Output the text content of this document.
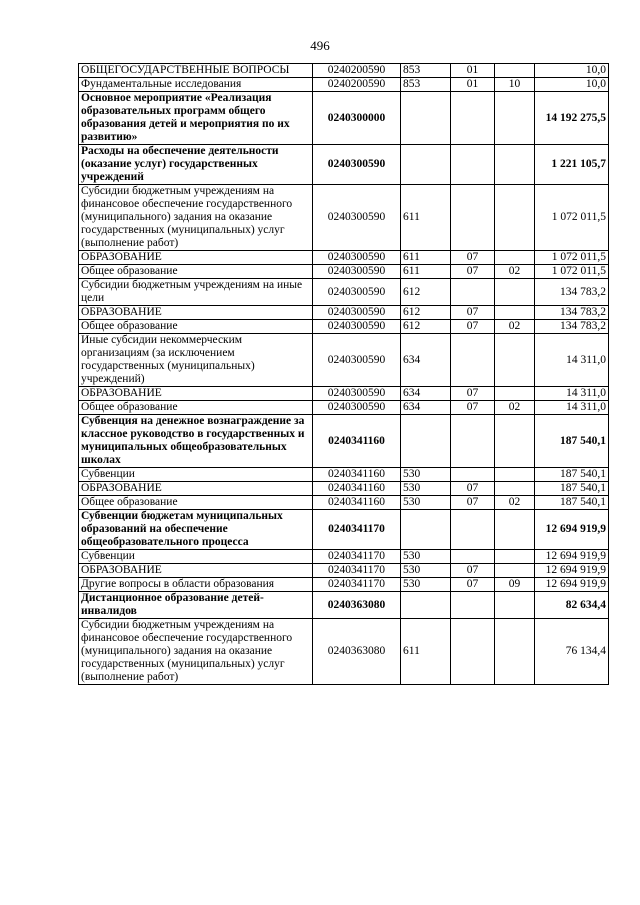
496
ОБЩЕГОСУДАРСТВЕННЫЕ ВОПРОСЫ	0240200590	853	01		10,0
Фундаментальные исследования	0240200590	853	01	10	10,0
Основное мероприятие «Реализация образовательных программ общего образования детей и мероприятия по их развитию»	0240300000				14 192 275,5
Расходы на обеспечение деятельности (оказание услуг) государственных учреждений	0240300590				1 221 105,7
Субсидии бюджетным учреждениям на финансовое обеспечение государственного (муниципального) задания на оказание государственных (муниципальных) услуг (выполнение работ)	0240300590	611			1 072 011,5
ОБРАЗОВАНИЕ	0240300590	611	07		1 072 011,5
Общее образование	0240300590	611	07	02	1 072 011,5
Субсидии бюджетным учреждениям на иные цели	0240300590	612			134 783,2
ОБРАЗОВАНИЕ	0240300590	612	07		134 783,2
Общее образование	0240300590	612	07	02	134 783,2
Иные субсидии некоммерческим организациям (за исключением государственных (муниципальных) учреждений)	0240300590	634			14 311,0
ОБРАЗОВАНИЕ	0240300590	634	07		14 311,0
Общее образование	0240300590	634	07	02	14 311,0
Субвенция на денежное вознаграждение за классное руководство в государственных и муниципальных общеобразовательных школах	0240341160				187 540,1
Субвенции	0240341160	530			187 540,1
ОБРАЗОВАНИЕ	0240341160	530	07		187 540,1
Общее образование	0240341160	530	07	02	187 540,1
Субвенции бюджетам муниципальных образований на обеспечение общеобразовательного процесса	0240341170				12 694 919,9
Субвенции	0240341170	530			12 694 919,9
ОБРАЗОВАНИЕ	0240341170	530	07		12 694 919,9
Другие вопросы в области образования	0240341170	530	07	09	12 694 919,9
Дистанционное образование детей-инвалидов	0240363080				82 634,4
Субсидии бюджетным учреждениям на финансовое обеспечение государственного (муниципального) задания на оказание государственных (муниципальных) услуг (выполнение работ)	0240363080	611			76 134,4
